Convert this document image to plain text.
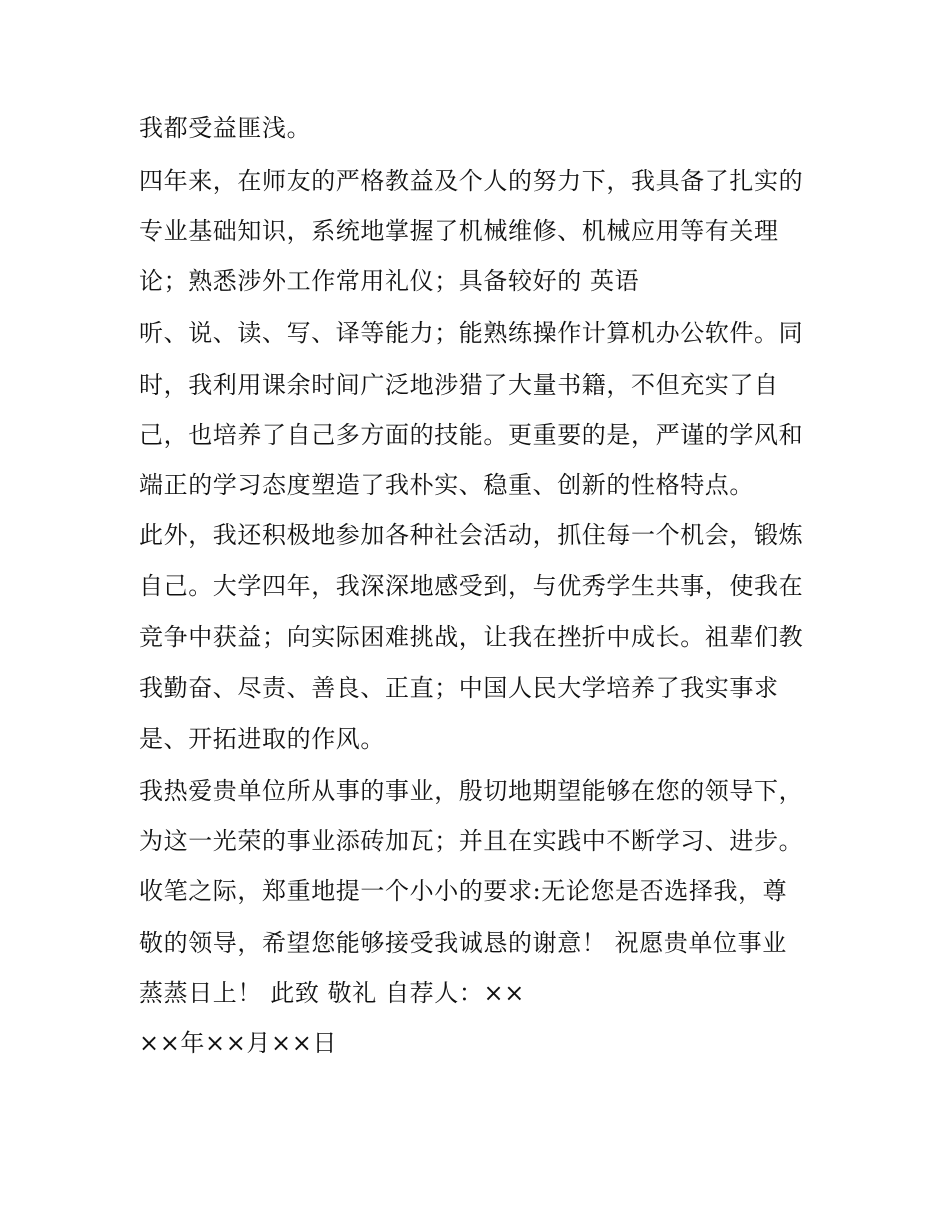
我都受益匪浅。
四年来，在师友的严格教益及个人的努力下，我具备了扎实的
专业基础知识，系统地掌握了机械维修、机械应用等有关理
论；熟悉涉外工作常用礼仪；具备较好的 英语
听、说、读、写、译等能力；能熟练操作计算机办公软件。同
时，我利用课余时间广泛地涉猎了大量书籍，不但充实了自
己，也培养了自己多方面的技能。更重要的是，严谨的学风和
端正的学习态度塑造了我朴实、稳重、创新的性格特点。
此外，我还积极地参加各种社会活动，抓住每一个机会，锻炼
自己。大学四年，我深深地感受到，与优秀学生共事，使我在
竞争中获益；向实际困难挑战，让我在挫折中成长。祖辈们教
我勤奋、尽责、善良、正直；中国人民大学培养了我实事求
是、开拓进取的作风。
我热爱贵单位所从事的事业，殷切地期望能够在您的领导下，
为这一光荣的事业添砖加瓦；并且在实践中不断学习、进步。
收笔之际，郑重地提一个小小的要求:无论您是否选择我，尊
敬的领导，希望您能够接受我诚恳的谢意！ 祝愿贵单位事业
蒸蒸日上！ 此致 敬礼 自荐人：××
××年××月××日
